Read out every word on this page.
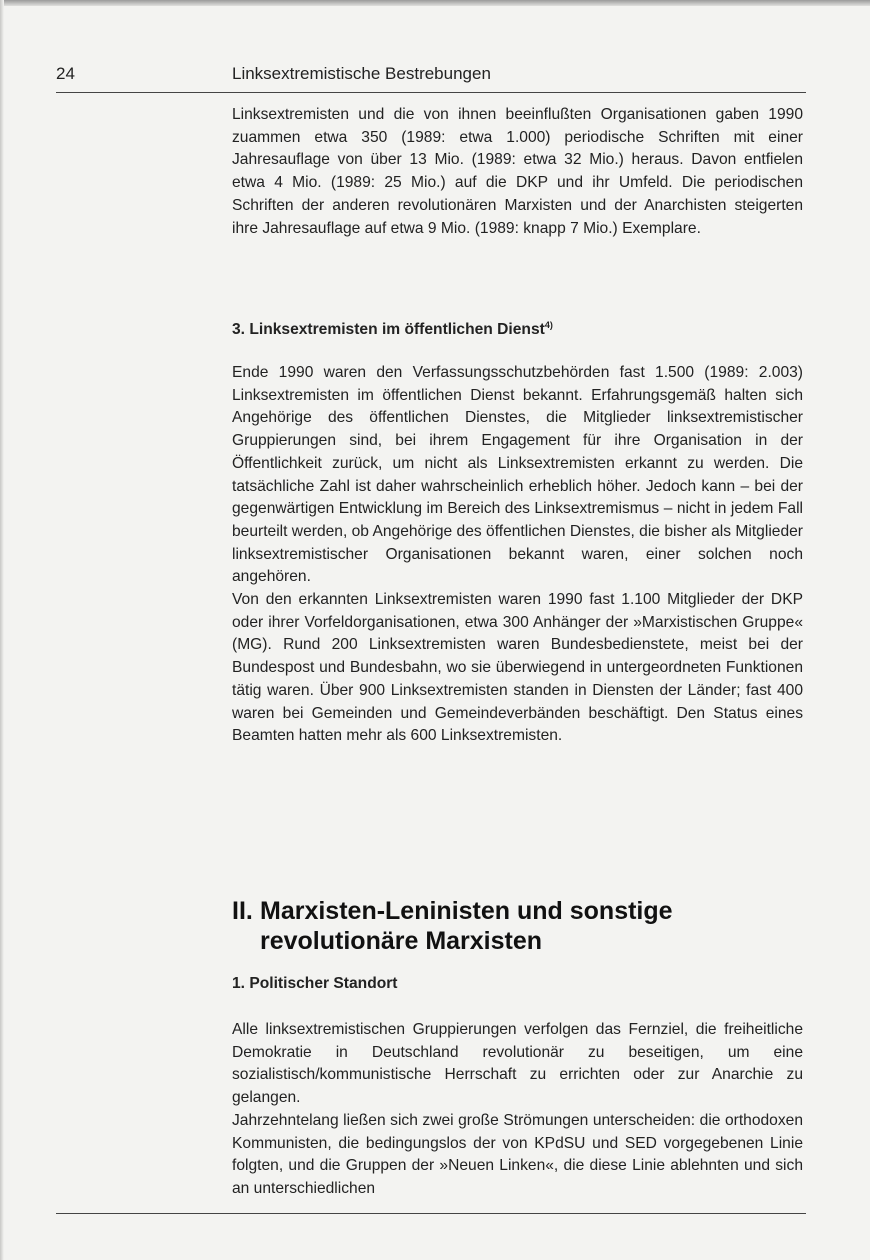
24	Linksextremistische Bestrebungen

Linksextremisten und die von ihnen beeinflußten Organisationen gaben 1990 zuammen etwa 350 (1989: etwa 1.000) periodische Schriften mit einer Jahresauflage von über 13 Mio. (1989: etwa 32 Mio.) heraus. Davon entfielen etwa 4 Mio. (1989: 25 Mio.) auf die DKP und ihr Umfeld. Die periodischen Schriften der anderen revolutionären Marxisten und der Anarchisten steigerten ihre Jahresauflage auf etwa 9 Mio. (1989: knapp 7 Mio.) Exemplare.

3. Linksextremisten im öffentlichen Dienst$^{4)}$

Ende 1990 waren den Verfassungsschutzbehörden fast 1.500 (1989: 2.003) Linksextremisten im öffentlichen Dienst bekannt. Erfahrungsgemäß halten sich Angehörige des öffentlichen Dienstes, die Mitglieder linksextremistischer Gruppierungen sind, bei ihrem Engagement für ihre Organisation in der Öffentlichkeit zurück, um nicht als Linksextremisten erkannt zu werden. Die tatsächliche Zahl ist daher wahrscheinlich erheblich höher. Jedoch kann – bei der gegenwärtigen Entwicklung im Bereich des Linksextremismus – nicht in jedem Fall beurteilt werden, ob Angehörige des öffentlichen Dienstes, die bisher als Mitglieder linksextremistischer Organisationen bekannt waren, einer solchen noch angehören.

Von den erkannten Linksextremisten waren 1990 fast 1.100 Mitglieder der DKP oder ihrer Vorfeldorganisationen, etwa 300 Anhänger der »Marxistischen Gruppe« (MG). Rund 200 Linksextremisten waren Bundesbedienstete, meist bei der Bundespost und Bundesbahn, wo sie überwiegend in untergeordneten Funktionen tätig waren. Über 900 Linksextremisten standen in Diensten der Länder; fast 400 waren bei Gemeinden und Gemeindeverbänden beschäftigt. Den Status eines Beamten hatten mehr als 600 Linksextremisten.

II. Marxisten-Leninisten und sonstige
revolutionäre Marxisten
1. Politischer Standort

Alle linksextremistischen Gruppierungen verfolgen das Fernziel, die freiheitliche Demokratie in Deutschland revolutionär zu beseitigen, um eine sozialistisch/kommunistische Herrschaft zu errichten oder zur Anarchie zu gelangen.

Jahrzehntelang ließen sich zwei große Strömungen unterscheiden: die orthodoxen Kommunisten, die bedingungslos der von KPdSU und SED vorgegebenen Linie folgten, und die Gruppen der »Neuen Linken«, die diese Linie ablehnten und sich an unterschiedlichen
